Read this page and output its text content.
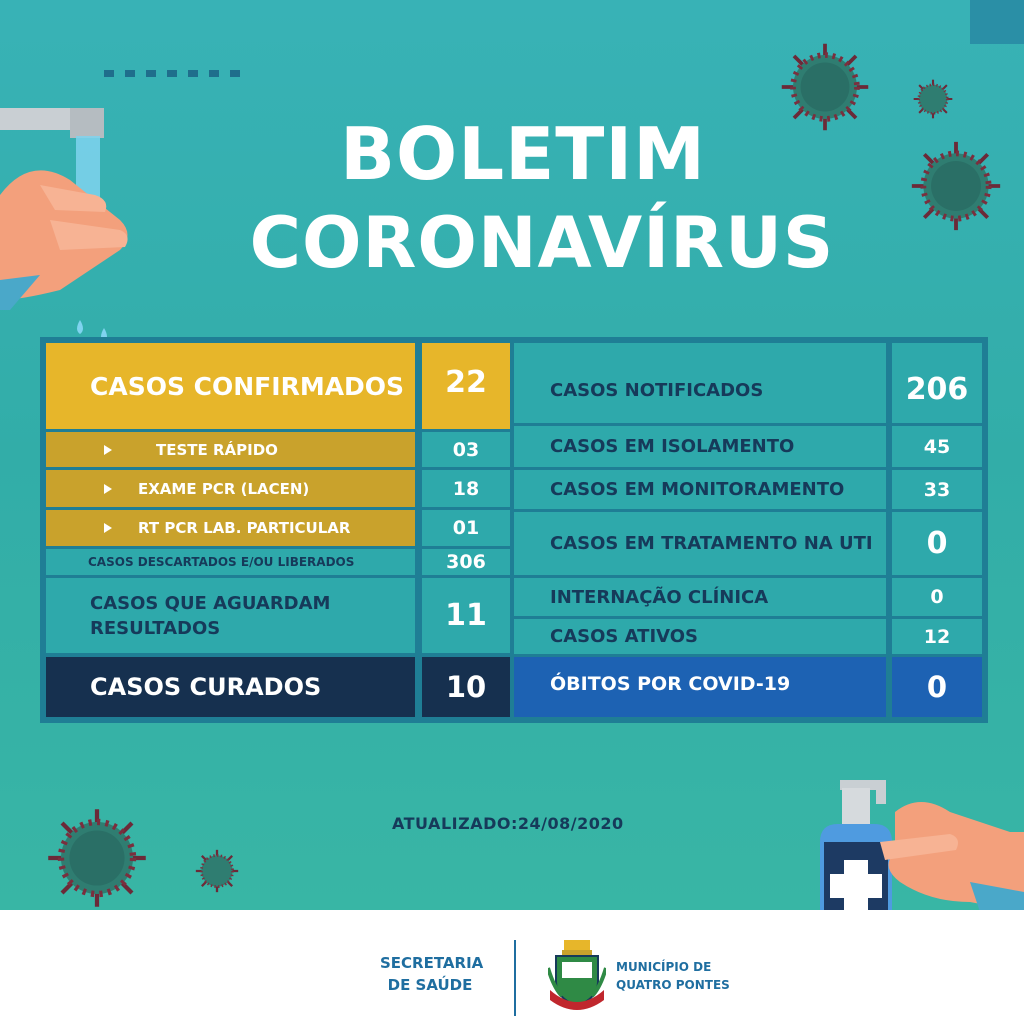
BOLETIM
CORONAVÍRUS
CASOS CONFIRMADOS	22
TESTE RÁPIDO	03
EXAME PCR (LACEN)	18
RT PCR LAB. PARTICULAR	01
CASOS DESCARTADOS E/OU LIBERADOS	306
CASOS QUE AGUARDAM
RESULTADOS	11
CASOS CURADOS	10
CASOS NOTIFICADOS	206
CASOS EM ISOLAMENTO	45
CASOS EM MONITORAMENTO	33
CASOS EM TRATAMENTO NA UTI	0
INTERNAÇÃO CLÍNICA	0
CASOS ATIVOS	12
ÓBITOS POR COVID-19	0
ATUALIZADO:24/08/2020
SECRETARIA
DE SAÚDE
MUNICÍPIO DE
QUATRO PONTES
